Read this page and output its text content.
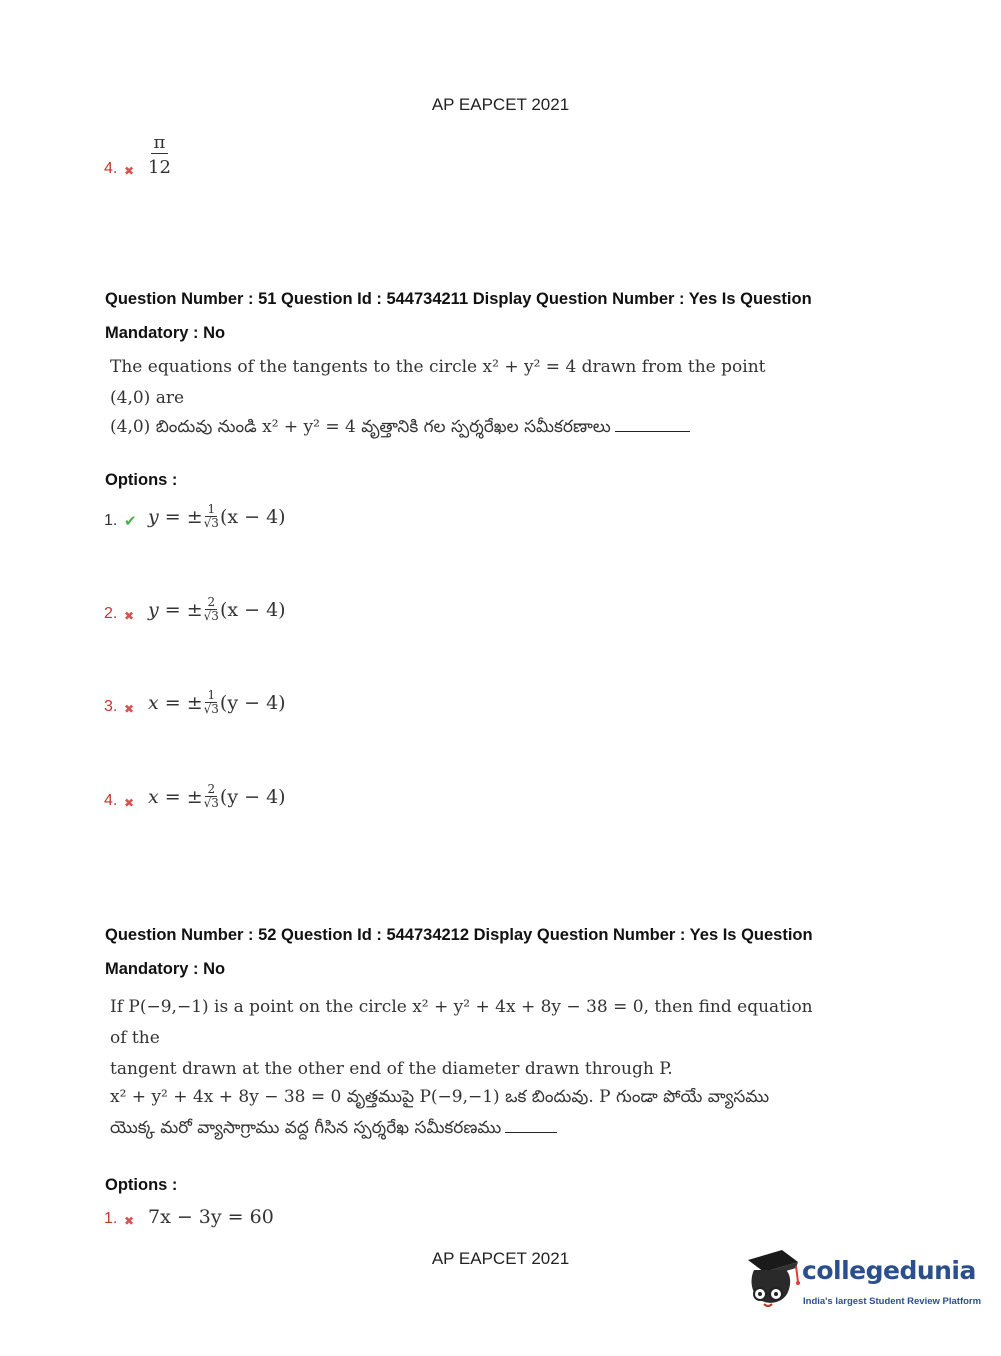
AP EAPCET 2021
4. ✖ $\frac{\pi}{12}$
Question Number : 51 Question Id : 544734211 Display Question Number : Yes Is Question Mandatory : No
The equations of the tangents to the circle x² + y² = 4 drawn from the point (4,0) are
(4,0) బిందువు నుండి x² + y² = 4 వృత్తానికి గల స్పర్శరేఖల సమీకరణాలు
Options :
1. ✔ y = ± $\frac{1}{√3} (x - 4)$
2. ✖ y = ± $\frac{2}{√3} (x - 4)$
3. ✖ x = ± $\frac{1}{√3} (y - 4)$
4. ✖ x = ± $\frac{2}{√3} (y - 4)$
Question Number : 52 Question Id : 544734212 Display Question Number : Yes Is Question Mandatory : No
If P(−9,−1) is a point on the circle x² + y² + 4x + 8y − 38 = 0, then find equation of the
tangent drawn at the other end of the diameter drawn through P.
x² + y² + 4x + 8y − 38 = 0 వృత్తముపై P(−9,−1) ఒక బిందువు. P గుండా పోయే వ్యాసము
యొక్క మరో వ్యాసాగ్రాము వద్ద గీసిన స్పర్శరేఖ సమీకరణము
Options :
1. ✖ 7x − 3y = 60
AP EAPCET 2021	collegedunia
India's largest Student Review Platform
